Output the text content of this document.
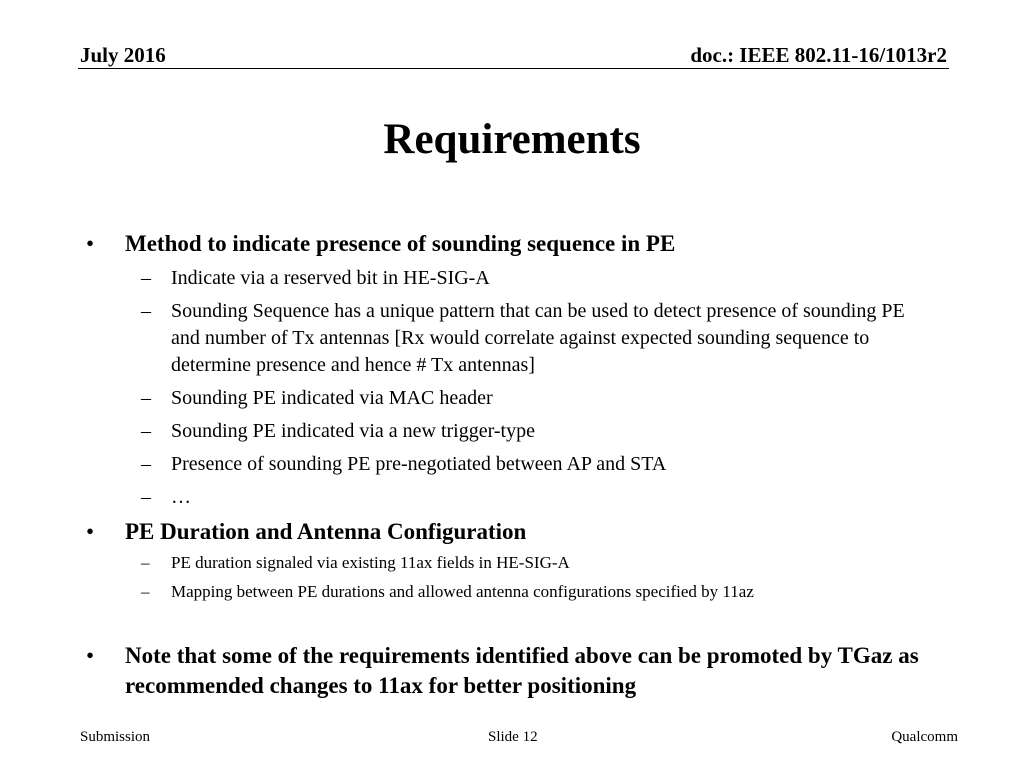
July 2016	doc.: IEEE 802.11-16/1013r2
Requirements
• Method to indicate presence of sounding sequence in PE
– Indicate via a reserved bit in HE-SIG-A
– Sounding Sequence has a unique pattern that can be used to detect presence of sounding PE and number of Tx antennas [Rx would correlate against expected sounding sequence to determine presence and hence # Tx antennas]
– Sounding PE indicated via MAC header
– Sounding PE indicated via a new trigger-type
– Presence of sounding PE pre-negotiated between AP and STA
– …
• PE Duration and Antenna Configuration
– PE duration signaled via existing 11ax fields in HE-SIG-A
– Mapping between PE durations and allowed antenna configurations specified by 11az
• Note that some of the requirements identified above can be promoted by TGaz as recommended changes to 11ax for better positioning
Submission	Slide 12	Qualcomm
